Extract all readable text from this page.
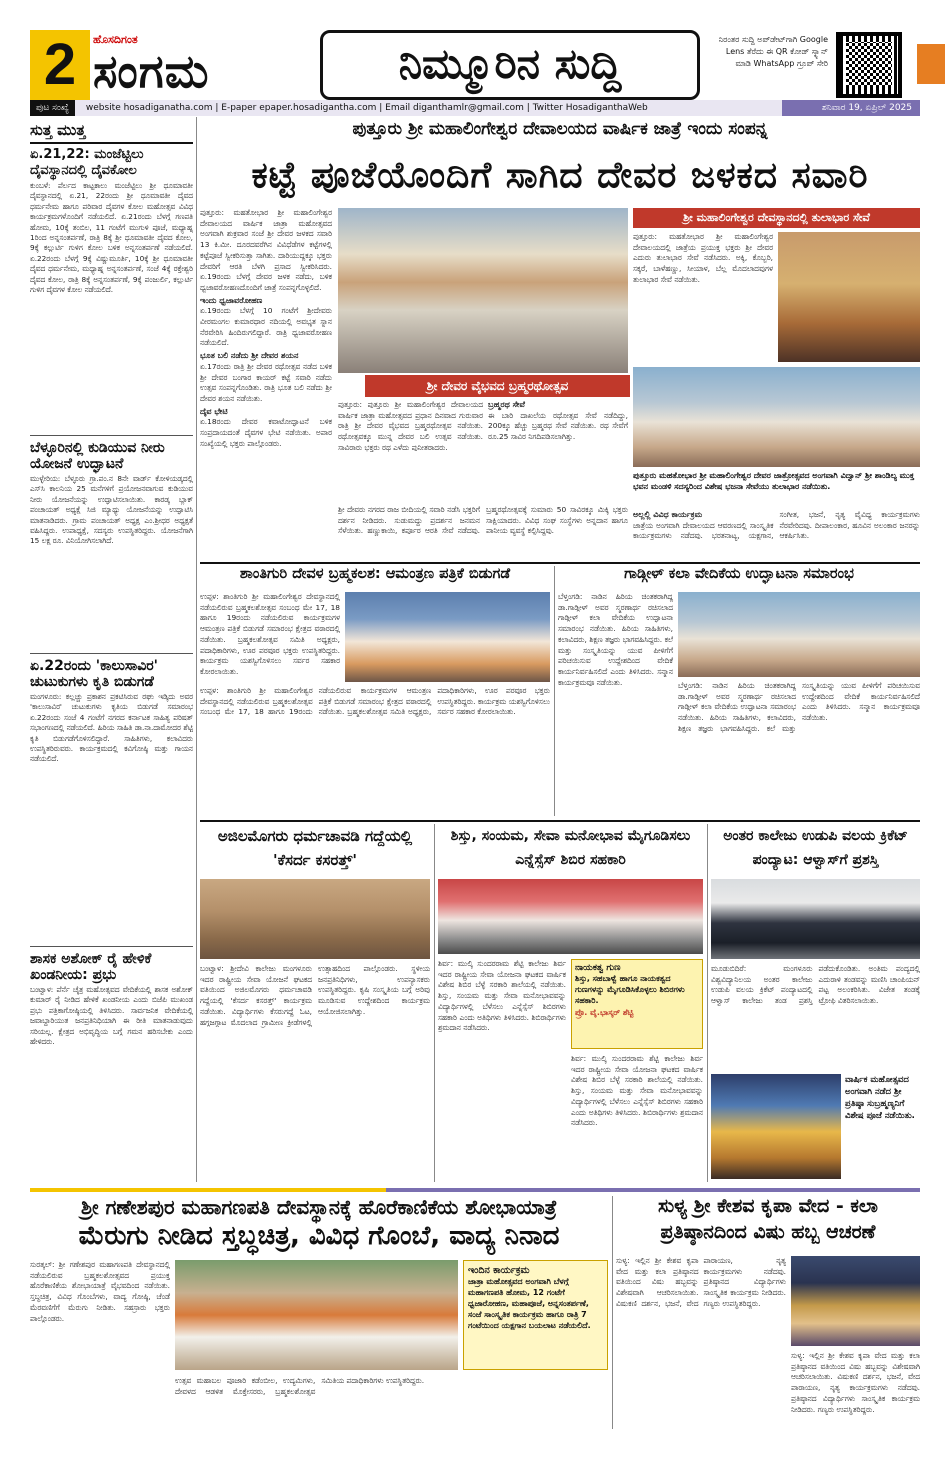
2	ಹೊಸದಿಗಂತ
ಸಂಗಮ	ನಿಮ್ಮೂರಿನ ಸುದ್ದಿ	ನಿರಂತರ ಸುದ್ದಿ ಅಪ್‌ಡೇಟ್‌ಗಾಗಿ Google Lens ತೆರೆದು ಈ QR ಕೋಡ್ ಸ್ಕ್ಯಾನ್ ಮಾಡಿ WhatsApp ಗ್ರೂಪ್ ಸೇರಿ
ಪುಟ ಸಂಖ್ಯೆ website hosadiganatha.com | E-paper epaper.hosadigantha.com | Email diganthamlr@gmail.com | Twitter HosadiganthaWeb	ಶನಿವಾರ 19, ಏಪ್ರಿಲ್ 2025
ಸುತ್ತ ಮುತ್ತ
ಏ.21,22: ಮಂಜೆಟ್ಟಿಲು ದೈವಸ್ಥಾನದಲ್ಲಿ ದೈವಕೋಲ
ಕುಂಬಳೆ: ಪೆರ್ಲದ ಕಾಟ್ಟಕಾಲು ಮಂಜೆಟ್ಟಿಲು ಶ್ರೀ ಧೂಮಾವತೀ ದೈವಸ್ಥಾನದಲ್ಲಿ ಏ.21, 22ರಂದು ಶ್ರೀ ಧೂಮಾವತೀ ದೈವದ ಧರ್ಮನೇಮ ಹಾಗೂ ಪರಿವಾರ ದೈವಗಳ ಕೋಲ ಮಹೋತ್ಸವ ವಿವಿಧ ಕಾರ್ಯಕ್ರಮಗಳೊಂದಿಗೆ ನಡೆಯಲಿದೆ. ಏ.21ರಂದು ಬೆಳಗ್ಗೆ ಗಣಪತಿ ಹೋಮ, 10ಕ್ಕೆ ತಂಬಿಲ, 11 ಗಂಟೆಗೆ ಮುಗುಳಿ ಪೂಜೆ, ಮಧ್ಯಾಹ್ನ 1ರಿಂದ ಅನ್ನಸಂತರ್ಪಣೆ, ರಾತ್ರಿ 8ಕ್ಕೆ ಶ್ರೀ ಧೂಮಾವತೀ ದೈವದ ಕೋಲ, 9ಕ್ಕೆ ಕಲ್ಲುರ್ಟಿ ಗುಳಿಗ ಕೋಲ ಬಳಿಕ ಅನ್ನಸಂತರ್ಪಣೆ ನಡೆಯಲಿದೆ. ಏ.22ರಂದು ಬೆಳಗ್ಗೆ 9ಕ್ಕೆ ವಿಷ್ಣುಮೂರ್ತಿ, 10ಕ್ಕೆ ಶ್ರೀ ಧೂಮಾವತೀ ದೈವದ ಧರ್ಮನೇಮ, ಮಧ್ಯಾಹ್ನ ಅನ್ನಸಂತರ್ಪಣೆ, ಸಂಜೆ 4ಕ್ಕೆ ರಕ್ತೇಶ್ವರಿ ದೈವದ ಕೋಲ, ರಾತ್ರಿ 8ಕ್ಕೆ ಅನ್ನಸಂತರ್ಪಣೆ, 9ಕ್ಕೆ ಪಂಜುರ್ಲಿ, ಕಲ್ಲುರ್ಟಿ ಗುಳಿಗ ದೈವಗಳ ಕೋಲ ನಡೆಯಲಿದೆ.
ಬೆಳ್ಳೂರಿನಲ್ಲಿ ಕುಡಿಯುವ ನೀರು ಯೋಜನೆ ಉದ್ಘಾಟನೆ
ಮುಳ್ಳೇರಿಯ: ಬೆಳ್ಳೂರು ಗ್ರಾ.ಪಂ.ನ 8ನೇ ವಾರ್ಡ್ ಕೋಳಿಯಡ್ಕದಲ್ಲಿ ಎಸ್‌ಸಿ ಕಾಲನಿಯ 25 ಮನೆಗಳಿಗೆ ಪ್ರಯೋಜನವಾಗುವ ಕುಡಿಯುವ ನೀರು ಯೋಜನೆಯನ್ನು ಉದ್ಘಾಟಿಸಲಾಯಿತು. ಕಾರಡ್ಕ ಬ್ಲಾಕ್ ಪಂಚಾಯತ್ ಅಧ್ಯಕ್ಷೆ ಸಿಜಿ ಮ್ಯಾಥ್ಯು ಯೋಜನೆಯನ್ನು ಉದ್ಘಾಟಿಸಿ ಮಾತನಾಡಿದರು. ಗ್ರಾಮ ಪಂಚಾಯತ್ ಅಧ್ಯಕ್ಷ ಎಂ.ಶ್ರೀಧರ ಅಧ್ಯಕ್ಷತೆ ವಹಿಸಿದ್ದರು. ಉಪಾಧ್ಯಕ್ಷೆ, ಸದಸ್ಯರು ಉಪಸ್ಥಿತರಿದ್ದರು. ಯೋಜನೆಗಾಗಿ 15 ಲಕ್ಷ ರೂ. ವಿನಿಯೋಗಿಸಲಾಗಿದೆ.
ಏ.22ರಂದು 'ಕಾಲುಸಾವಿರ' ಚುಟುಕುಗಳು ಕೃತಿ ಬಿಡುಗಡೆ
ಮಂಗಳೂರು: ಕಲ್ಲಚ್ಚು ಪ್ರಕಾಶನ ಪ್ರಕಟಿಸಿರುವ ರಘು ಇಡ್ಕಿದು ಅವರ 'ಕಾಲುಸಾವಿರ' ಚುಟುಕುಗಳು ಕೃತಿಯ ಬಿಡುಗಡೆ ಸಮಾರಂಭ ಏ.22ರಂದು ಸಂಜೆ 4 ಗಂಟೆಗೆ ನಗರದ ಕರ್ನಾಟಕ ಸಾಹಿತ್ಯ ಪರಿಷತ್ ಸಭಾಂಗಣದಲ್ಲಿ ನಡೆಯಲಿದೆ. ಹಿರಿಯ ಸಾಹಿತಿ ಡಾ.ನಾ.ದಾಮೋದರ ಶೆಟ್ಟಿ ಕೃತಿ ಬಿಡುಗಡೆಗೊಳಿಸಲಿದ್ದಾರೆ. ಸಾಹಿತಿಗಳು, ಕಲಾವಿದರು ಉಪಸ್ಥಿತರಿರುವರು. ಕಾರ್ಯಕ್ರಮದಲ್ಲಿ ಕವಿಗೋಷ್ಠಿ ಮತ್ತು ಗಾಯನ ನಡೆಯಲಿದೆ.
ಶಾಸಕ ಅಶೋಕ್ ರೈ ಹೇಳಿಕೆ ಖಂಡನೀಯ: ಪ್ರಭು
ಬಂಟ್ವಾಳ: ಪೆರ್ನೆ ಚೈತ್ರ ಮಹೋತ್ಸವದ ವೇದಿಕೆಯಲ್ಲಿ ಶಾಸಕ ಅಶೋಕ್ ಕುಮಾರ್ ರೈ ನೀಡಿದ ಹೇಳಿಕೆ ಖಂಡನೀಯ ಎಂದು ಬಿಜೆಪಿ ಮುಖಂಡ ಪ್ರಭು ಪತ್ರಿಕಾಗೋಷ್ಠಿಯಲ್ಲಿ ತಿಳಿಸಿದರು. ಸಾರ್ವಜನಿಕ ವೇದಿಕೆಯಲ್ಲಿ ಜವಾಬ್ದಾರಿಯುತ ಜನಪ್ರತಿನಿಧಿಯಾಗಿ ಈ ರೀತಿ ಮಾತನಾಡುವುದು ಸರಿಯಲ್ಲ. ಕ್ಷೇತ್ರದ ಅಭಿವೃದ್ಧಿಯ ಬಗ್ಗೆ ಗಮನ ಹರಿಸಬೇಕು ಎಂದು ಹೇಳಿದರು.
ಪುತ್ತೂರು ಶ್ರೀ ಮಹಾಲಿಂಗೇಶ್ವರ ದೇವಾಲಯದ ವಾರ್ಷಿಕ ಜಾತ್ರೆ ಇಂದು ಸಂಪನ್ನ
ಕಟ್ಟೆ ಪೂಜೆಯೊಂದಿಗೆ ಸಾಗಿದ ದೇವರ ಜಳಕದ ಸವಾರಿ
ಪುತ್ತೂರು: ಮಹತೋಭಾರ ಶ್ರೀ ಮಹಾಲಿಂಗೇಶ್ವರ ದೇವಾಲಯದ ವಾರ್ಷಿಕ ಜಾತ್ರಾ ಮಹೋತ್ಸವದ ಅಂಗವಾಗಿ ಶುಕ್ರವಾರ ಸಂಜೆ ಶ್ರೀ ದೇವರ ಜಳಕದ ಸವಾರಿ 13 ಕಿ.ಮೀ. ದೂರದವರೆಗಿನ ವಿವಿಧೆಡೆಗಳ ಕಟ್ಟೆಗಳಲ್ಲಿ ಕಟ್ಟೆಪೂಜೆ ಸ್ವೀಕರಿಸುತ್ತಾ ಸಾಗಿತು. ದಾರಿಯುದ್ದಕ್ಕೂ ಭಕ್ತರು ದೇವರಿಗೆ ಆರತಿ ಬೆಳಗಿ ಪ್ರಸಾದ ಸ್ವೀಕರಿಸಿದರು. ಏ.19ರಂದು ಬೆಳಗ್ಗೆ ದೇವರ ಜಳಕ ನಡೆದು, ಬಳಿಕ ಧ್ವಜಾವರೋಹಣದೊಂದಿಗೆ ಜಾತ್ರೆ ಸಂಪನ್ನಗೊಳ್ಳಲಿದೆ.
ಇಂದು ಧ್ವಜಾವರೋಹಣ
ಏ.19ರಂದು ಬೆಳಗ್ಗೆ 10 ಗಂಟೆಗೆ ಶ್ರೀದೇವರು ವೀರಮಂಗಲ ಕುಮಾರಧಾರ ನದಿಯಲ್ಲಿ ಅವಭೃತ ಸ್ನಾನ ನೆರವೇರಿಸಿ ಹಿಂದಿರುಗಲಿದ್ದಾರೆ. ರಾತ್ರಿ ಧ್ವಜಾವರೋಹಣ ನಡೆಯಲಿದೆ.
ಭೂತ ಬಲಿ ನಡೆದು ಶ್ರೀ ದೇವರ ಶಯನ
ಏ.17ರಂದು ರಾತ್ರಿ ಶ್ರೀ ದೇವರ ರಥೋತ್ಸವ ನಡೆದ ಬಳಿಕ ಶ್ರೀ ದೇವರ ಬಂಗಾರ ಕಾಯರ್ ಕಟ್ಟೆ ಸವಾರಿ ನಡೆದು ಉತ್ಸವ ಸಂಪನ್ನಗೊಂಡಿತು. ರಾತ್ರಿ ಭೂತ ಬಲಿ ನಡೆದು ಶ್ರೀ ದೇವರ ಶಯನ ನಡೆಯಿತು.
ದೈವ ಭೇಟಿ
ಏ.18ರಂದು ದೇವರ ಕವಾಟೋದ್ಘಾಟನೆ ಬಳಿಕ ಸಂಪ್ರದಾಯದಂತೆ ದೈವಗಳ ಭೇಟಿ ನಡೆಯಿತು. ಅಪಾರ ಸಂಖ್ಯೆಯಲ್ಲಿ ಭಕ್ತರು ಪಾಲ್ಗೊಂಡರು.
ಶ್ರೀ ದೇವರ ವೈಭವದ ಬ್ರಹ್ಮರಥೋತ್ಸವ
ಪುತ್ತೂರು: ಪುತ್ತೂರು ಶ್ರೀ ಮಹಾಲಿಂಗೇಶ್ವರ ದೇವಾಲಯದ ವಾರ್ಷಿಕ ಜಾತ್ರಾ ಮಹೋತ್ಸವದ ಪ್ರಧಾನ ದಿನವಾದ ಗುರುವಾರ ರಾತ್ರಿ ಶ್ರೀ ದೇವರ ವೈಭವದ ಬ್ರಹ್ಮರಥೋತ್ಸವ ನಡೆಯಿತು. ರಥೋತ್ಸವಕ್ಕೂ ಮುನ್ನ ದೇವರ ಬಲಿ ಉತ್ಸವ ನಡೆಯಿತು. ಸಾವಿರಾರು ಭಕ್ತರು ರಥ ಎಳೆದು ಪುನೀತರಾದರು.
ಬ್ರಹ್ಮರಥ ಸೇವೆ
ಈ ಬಾರಿ ದಾಖಲೆಯ ರಥೋತ್ಸವ ಸೇವೆ ನಡೆದಿದ್ದು, 200ಕ್ಕೂ ಹೆಚ್ಚು ಬ್ರಹ್ಮರಥ ಸೇವೆ ನಡೆಯಿತು. ರಥ ಸೇವೆಗೆ ರೂ.25 ಸಾವಿರ ನಿಗದಿಪಡಿಸಲಾಗಿತ್ತು.
ಶ್ರೀ ದೇವರು ನಗರದ ರಾಜ ಬೀದಿಯಲ್ಲಿ ಸವಾರಿ ನಡೆಸಿ ಭಕ್ತರಿಗೆ ದರ್ಶನ ನೀಡಿದರು. ಸುಡುಮದ್ದು ಪ್ರದರ್ಶನ ಜನಮನ ಸೆಳೆಯಿತು. ಹಣ್ಣುಕಾಯಿ, ಕರ್ಪೂರ ಆರತಿ ಸೇವೆ ನಡೆದವು. ಬ್ರಹ್ಮರಥೋತ್ಸವಕ್ಕೆ ಸುಮಾರು 50 ಸಾವಿರಕ್ಕೂ ಮಿಕ್ಕಿ ಭಕ್ತರು ಸಾಕ್ಷಿಯಾದರು. ವಿವಿಧ ಸಂಘ ಸಂಸ್ಥೆಗಳು ಅನ್ನದಾನ ಹಾಗೂ ಪಾನೀಯ ವ್ಯವಸ್ಥೆ ಕಲ್ಪಿಸಿದ್ದವು.
ಶ್ರೀ ಮಹಾಲಿಂಗೇಶ್ವರ ದೇವಸ್ಥಾನದಲ್ಲಿ ತುಲಾಭಾರ ಸೇವೆ
ಪುತ್ತೂರು: ಮಹತೋಭಾರ ಶ್ರೀ ಮಹಾಲಿಂಗೇಶ್ವರ ದೇವಾಲಯದಲ್ಲಿ ಜಾತ್ರೆಯ ಪ್ರಯುಕ್ತ ಭಕ್ತರು ಶ್ರೀ ದೇವರ ಎದುರು ತುಲಾಭಾರ ಸೇವೆ ನಡೆಸಿದರು. ಅಕ್ಕಿ, ಕೊಬ್ಬರಿ, ಸಕ್ಕರೆ, ಬಾಳೆಹಣ್ಣು, ಸೀಯಾಳ, ಬೆಲ್ಲ ಮೊದಲಾದವುಗಳ ತುಲಾಭಾರ ಸೇವೆ ನಡೆಯಿತು.
ಪುತ್ತೂರು ಮಹತೋಭಾರ ಶ್ರೀ ಮಹಾಲಿಂಗೇಶ್ವರ ದೇವರ ಜಾತ್ರೋತ್ಸವದ ಅಂಗವಾಗಿ ವಿದ್ವಾನ್ ಶ್ರೀ ಶಾಂಡಿಲ್ಯ ಮುಕ್ತ ಭವನ ಮಂಡಳಿ ಸದಸ್ಯರಿಂದ ವಿಶೇಷ ಭಜನಾ ಸೇವೆಯು ತುಲಾಭಾರ ನಡೆಯಿತು.
ಅಲ್ಲಲ್ಲಿ ವಿವಿಧ ಕಾರ್ಯಕ್ರಮ
ಜಾತ್ರೆಯ ಅಂಗವಾಗಿ ದೇವಾಲಯದ ಆವರಣದಲ್ಲಿ ಸಾಂಸ್ಕೃತಿಕ ಕಾರ್ಯಕ್ರಮಗಳು ನಡೆದವು. ಭರತನಾಟ್ಯ, ಯಕ್ಷಗಾನ, ಸಂಗೀತ, ಭಜನೆ, ನೃತ್ಯ ವೈವಿಧ್ಯ ಕಾರ್ಯಕ್ರಮಗಳು ನೆರವೇರಿದವು. ದೀಪಾಲಂಕಾರ, ಹೂವಿನ ಅಲಂಕಾರ ಜನರನ್ನು ಆಕರ್ಷಿಸಿತು.
ಶಾಂತಿಗುರಿ ದೇವಳ ಬ್ರಹ್ಮಕಲಶ: ಆಮಂತ್ರಣ ಪತ್ರಿಕೆ ಬಿಡುಗಡೆ
ಉಪ್ಪಳ: ಶಾಂತಿಗುರಿ ಶ್ರೀ ಮಹಾಲಿಂಗೇಶ್ವರ ದೇವಸ್ಥಾನದಲ್ಲಿ ನಡೆಯಲಿರುವ ಬ್ರಹ್ಮಕಲಶೋತ್ಸವ ಸಂಬಂಧ ಮೇ 17, 18 ಹಾಗೂ 19ರಂದು ನಡೆಯಲಿರುವ ಕಾರ್ಯಕ್ರಮಗಳ ಆಮಂತ್ರಣ ಪತ್ರಿಕೆ ಬಿಡುಗಡೆ ಸಮಾರಂಭ ಕ್ಷೇತ್ರದ ವಠಾರದಲ್ಲಿ ನಡೆಯಿತು. ಬ್ರಹ್ಮಕಲಶೋತ್ಸವ ಸಮಿತಿ ಅಧ್ಯಕ್ಷರು, ಪದಾಧಿಕಾರಿಗಳು, ಊರ ಪರವೂರ ಭಕ್ತರು ಉಪಸ್ಥಿತರಿದ್ದರು. ಕಾರ್ಯಕ್ರಮ ಯಶಸ್ವಿಗೊಳಿಸಲು ಸರ್ವರ ಸಹಕಾರ ಕೋರಲಾಯಿತು.
ಉಪ್ಪಳ: ಶಾಂತಿಗುರಿ ಶ್ರೀ ಮಹಾಲಿಂಗೇಶ್ವರ ದೇವಸ್ಥಾನದಲ್ಲಿ ನಡೆಯಲಿರುವ ಬ್ರಹ್ಮಕಲಶೋತ್ಸವ ಸಂಬಂಧ ಮೇ 17, 18 ಹಾಗೂ 19ರಂದು ನಡೆಯಲಿರುವ ಕಾರ್ಯಕ್ರಮಗಳ ಆಮಂತ್ರಣ ಪತ್ರಿಕೆ ಬಿಡುಗಡೆ ಸಮಾರಂಭ ಕ್ಷೇತ್ರದ ವಠಾರದಲ್ಲಿ ನಡೆಯಿತು. ಬ್ರಹ್ಮಕಲಶೋತ್ಸವ ಸಮಿತಿ ಅಧ್ಯಕ್ಷರು, ಪದಾಧಿಕಾರಿಗಳು, ಊರ ಪರವೂರ ಭಕ್ತರು ಉಪಸ್ಥಿತರಿದ್ದರು. ಕಾರ್ಯಕ್ರಮ ಯಶಸ್ವಿಗೊಳಿಸಲು ಸರ್ವರ ಸಹಕಾರ ಕೋರಲಾಯಿತು.
ಗಾಡ್ಗೀಳ್ ಕಲಾ ವೇದಿಕೆಯ ಉದ್ಘಾಟನಾ ಸಮಾರಂಭ
ಬೆಳ್ತಂಗಡಿ: ನಾಡಿನ ಹಿರಿಯ ಚಿಂತಕರಾಗಿದ್ದ ಡಾ.ಗಾಡ್ಗೀಳ್ ಅವರ ಸ್ಮರಣಾರ್ಥ ರಚಿಸಲಾದ ಗಾಡ್ಗೀಳ್ ಕಲಾ ವೇದಿಕೆಯ ಉದ್ಘಾಟನಾ ಸಮಾರಂಭ ನಡೆಯಿತು. ಹಿರಿಯ ಸಾಹಿತಿಗಳು, ಕಲಾವಿದರು, ಶಿಕ್ಷಣ ತಜ್ಞರು ಭಾಗವಹಿಸಿದ್ದರು. ಕಲೆ ಮತ್ತು ಸಂಸ್ಕೃತಿಯನ್ನು ಯುವ ಪೀಳಿಗೆಗೆ ಪರಿಚಯಿಸುವ ಉದ್ದೇಶದಿಂದ ವೇದಿಕೆ ಕಾರ್ಯನಿರ್ವಹಿಸಲಿದೆ ಎಂದು ತಿಳಿಸಿದರು. ಸನ್ಮಾನ ಕಾರ್ಯಕ್ರಮವೂ ನಡೆಯಿತು.	ಬೆಳ್ತಂಗಡಿ: ನಾಡಿನ ಹಿರಿಯ ಚಿಂತಕರಾಗಿದ್ದ ಡಾ.ಗಾಡ್ಗೀಳ್ ಅವರ ಸ್ಮರಣಾರ್ಥ ರಚಿಸಲಾದ ಗಾಡ್ಗೀಳ್ ಕಲಾ ವೇದಿಕೆಯ ಉದ್ಘಾಟನಾ ಸಮಾರಂಭ ನಡೆಯಿತು. ಹಿರಿಯ ಸಾಹಿತಿಗಳು, ಕಲಾವಿದರು, ಶಿಕ್ಷಣ ತಜ್ಞರು ಭಾಗವಹಿಸಿದ್ದರು. ಕಲೆ ಮತ್ತು ಸಂಸ್ಕೃತಿಯನ್ನು ಯುವ ಪೀಳಿಗೆಗೆ ಪರಿಚಯಿಸುವ ಉದ್ದೇಶದಿಂದ ವೇದಿಕೆ ಕಾರ್ಯನಿರ್ವಹಿಸಲಿದೆ ಎಂದು ತಿಳಿಸಿದರು. ಸನ್ಮಾನ ಕಾರ್ಯಕ್ರಮವೂ ನಡೆಯಿತು.
ಅಜಿಲಮೊಗರು ಧರ್ಮಚಾವಡಿ ಗದ್ದೆಯಲ್ಲಿ 'ಕೆಸರ್ದ ಕಸರತ್ತ್'
ಬಂಟ್ವಾಳ: ಶ್ರೀದೇವಿ ಕಾಲೇಜು ಮಂಗಳೂರು ಇದರ ರಾಷ್ಟ್ರೀಯ ಸೇವಾ ಯೋಜನೆ ಘಟಕದ ವತಿಯಿಂದ ಅಜಿಲಮೊಗರು ಧರ್ಮಚಾವಡಿ ಗದ್ದೆಯಲ್ಲಿ 'ಕೆಸರ್ದ ಕಸರತ್ತ್' ಕಾರ್ಯಕ್ರಮ ನಡೆಯಿತು. ವಿದ್ಯಾರ್ಥಿಗಳು ಕೆಸರುಗದ್ದೆ ಓಟ, ಹಗ್ಗಜಗ್ಗಾಟ ಮೊದಲಾದ ಗ್ರಾಮೀಣ ಕ್ರೀಡೆಗಳಲ್ಲಿ ಉತ್ಸಾಹದಿಂದ ಪಾಲ್ಗೊಂಡರು. ಸ್ಥಳೀಯ ಜನಪ್ರತಿನಿಧಿಗಳು, ಉಪನ್ಯಾಸಕರು ಉಪಸ್ಥಿತರಿದ್ದರು. ಕೃಷಿ ಸಂಸ್ಕೃತಿಯ ಬಗ್ಗೆ ಅರಿವು ಮೂಡಿಸುವ ಉದ್ದೇಶದಿಂದ ಕಾರ್ಯಕ್ರಮ ಆಯೋಜಿಸಲಾಗಿತ್ತು.
ಶಿಸ್ತು, ಸಂಯಮ, ಸೇವಾ ಮನೋಭಾವ ಮೈಗೂಡಿಸಲು ಎನ್ನೆಸ್ಸೆಸ್ ಶಿಬಿರ ಸಹಕಾರಿ
ಶಿರ್ವ: ಮುಲ್ಕಿ ಸುಂದರರಾಮ ಶೆಟ್ಟಿ ಕಾಲೇಜು ಶಿರ್ವ ಇದರ ರಾಷ್ಟ್ರೀಯ ಸೇವಾ ಯೋಜನಾ ಘಟಕದ ವಾರ್ಷಿಕ ವಿಶೇಷ ಶಿಬಿರ ಬೆಳ್ಳೆ ಸರಕಾರಿ ಶಾಲೆಯಲ್ಲಿ ನಡೆಯಿತು. ಶಿಸ್ತು, ಸಂಯಮ ಮತ್ತು ಸೇವಾ ಮನೋಭಾವವನ್ನು ವಿದ್ಯಾರ್ಥಿಗಳಲ್ಲಿ ಬೆಳೆಸಲು ಎನ್ನೆಸ್ಸೆಸ್ ಶಿಬಿರಗಳು ಸಹಕಾರಿ ಎಂದು ಅತಿಥಿಗಳು ತಿಳಿಸಿದರು. ಶಿಬಿರಾರ್ಥಿಗಳು ಶ್ರಮದಾನ ನಡೆಸಿದರು.
ನಾಯಕತ್ವ ಗುಣ
ಶಿಸ್ತು, ಸಹಬಾಳ್ವೆ ಹಾಗೂ ನಾಯಕತ್ವದ ಗುಣಗಳನ್ನು ಮೈಗೂಡಿಸಿಕೊಳ್ಳಲು ಶಿಬಿರಗಳು ಸಹಕಾರಿ.
ಪ್ರೊ. ವೈ.ಭಾಸ್ಕರ್ ಶೆಟ್ಟಿ
ಶಿರ್ವ: ಮುಲ್ಕಿ ಸುಂದರರಾಮ ಶೆಟ್ಟಿ ಕಾಲೇಜು ಶಿರ್ವ ಇದರ ರಾಷ್ಟ್ರೀಯ ಸೇವಾ ಯೋಜನಾ ಘಟಕದ ವಾರ್ಷಿಕ ವಿಶೇಷ ಶಿಬಿರ ಬೆಳ್ಳೆ ಸರಕಾರಿ ಶಾಲೆಯಲ್ಲಿ ನಡೆಯಿತು. ಶಿಸ್ತು, ಸಂಯಮ ಮತ್ತು ಸೇವಾ ಮನೋಭಾವವನ್ನು ವಿದ್ಯಾರ್ಥಿಗಳಲ್ಲಿ ಬೆಳೆಸಲು ಎನ್ನೆಸ್ಸೆಸ್ ಶಿಬಿರಗಳು ಸಹಕಾರಿ ಎಂದು ಅತಿಥಿಗಳು ತಿಳಿಸಿದರು. ಶಿಬಿರಾರ್ಥಿಗಳು ಶ್ರಮದಾನ ನಡೆಸಿದರು.
ಅಂತರ ಕಾಲೇಜು ಉಡುಪಿ ವಲಯ ಕ್ರಿಕೆಟ್ ಪಂದ್ಯಾಟ: ಆಳ್ವಾಸ್‌ಗೆ ಪ್ರಶಸ್ತಿ
ಮೂಡುಬಿದಿರೆ: ಮಂಗಳೂರು ವಿಶ್ವವಿದ್ಯಾನಿಲಯ ಅಂತರ ಕಾಲೇಜು ಉಡುಪಿ ವಲಯ ಕ್ರಿಕೆಟ್ ಪಂದ್ಯಾಟದಲ್ಲಿ ಆಳ್ವಾಸ್ ಕಾಲೇಜು ತಂಡ ಪ್ರಶಸ್ತಿ ಪಡೆದುಕೊಂಡಿತು. ಅಂತಿಮ ಪಂದ್ಯದಲ್ಲಿ ಎದುರಾಳಿ ತಂಡವನ್ನು ಮಣಿಸಿ ಚಾಂಪಿಯನ್ ಪಟ್ಟ ಅಲಂಕರಿಸಿತು. ವಿಜೇತ ತಂಡಕ್ಕೆ ಟ್ರೋಫಿ ವಿತರಿಸಲಾಯಿತು.
ವಾರ್ಷಿಕ ಮಹೋತ್ಸವದ ಅಂಗವಾಗಿ ನಡೆದ ಶ್ರೀ ಪ್ರತಿಷ್ಠಾ ಸುಬ್ರಹ್ಮಣ್ಯನಿಗೆ ವಿಶೇಷ ಪೂಜೆ ನಡೆಯಿತು.
ಶ್ರೀ ಗಣೇಶಪುರ ಮಹಾಗಣಪತಿ ದೇವಸ್ಥಾನಕ್ಕೆ ಹೊರೆಕಾಣಿಕೆಯ ಶೋಭಾಯಾತ್ರೆ
ಮೆರುಗು ನೀಡಿದ ಸ್ತಬ್ಧಚಿತ್ರ, ವಿವಿಧ ಗೊಂಬೆ, ವಾದ್ಯ ನಿನಾದ
ಸುರತ್ಕಲ್: ಶ್ರೀ ಗಣೇಶಪುರ ಮಹಾಗಣಪತಿ ದೇವಸ್ಥಾನದಲ್ಲಿ ನಡೆಯಲಿರುವ ಬ್ರಹ್ಮಕಲಶೋತ್ಸವದ ಪ್ರಯುಕ್ತ ಹೊರೆಕಾಣಿಕೆಯ ಶೋಭಾಯಾತ್ರೆ ವೈಭವದಿಂದ ನಡೆಯಿತು. ಸ್ತಬ್ಧಚಿತ್ರ, ವಿವಿಧ ಗೊಂಬೆಗಳು, ವಾದ್ಯ ಗೋಷ್ಠಿ, ಚೆಂಡೆ ಮೆರವಣಿಗೆಗೆ ಮೆರುಗು ನೀಡಿತು. ಸಹಸ್ರಾರು ಭಕ್ತರು ಪಾಲ್ಗೊಂಡರು.
ಇಂದಿನ ಕಾರ್ಯಕ್ರಮ
ಜಾತ್ರಾ ಮಹೋತ್ಸವದ ಅಂಗವಾಗಿ ಬೆಳಗ್ಗೆ ಮಹಾಗಣಪತಿ ಹೋಮ, 12 ಗಂಟೆಗೆ ಧ್ವಜಾರೋಹಣ, ಮಹಾಪೂಜೆ, ಅನ್ನಸಂತರ್ಪಣೆ, ಸಂಜೆ ಸಾಂಸ್ಕೃತಿಕ ಕಾರ್ಯಕ್ರಮ ಹಾಗೂ ರಾತ್ರಿ 7 ಗಂಟೆಯಿಂದ ಯಕ್ಷಗಾನ ಬಯಲಾಟ ನಡೆಯಲಿದೆ.
ಉತ್ಸವ ಮಹಾಬಲ ಪೂಜಾರಿ ಕಡೆಂಬೀಲ, ಉದ್ಯಮಿಗಳು, ದೇವಳದ ಆಡಳಿತ ಮೊಕ್ತೇಸರರು, ಬ್ರಹ್ಮಕಲಶೋತ್ಸವ ಸಮಿತಿಯ ಪದಾಧಿಕಾರಿಗಳು ಉಪಸ್ಥಿತರಿದ್ದರು.
ಸುಳ್ಯ ಶ್ರೀ ಕೇಶವ ಕೃಪಾ ವೇದ - ಕಲಾ
ಪ್ರತಿಷ್ಠಾನದಿಂದ ವಿಷು ಹಬ್ಬ ಆಚರಣೆ
ಸುಳ್ಯ: ಇಲ್ಲಿನ ಶ್ರೀ ಕೇಶವ ಕೃಪಾ ವೇದ ಮತ್ತು ಕಲಾ ಪ್ರತಿಷ್ಠಾನದ ವತಿಯಿಂದ ವಿಷು ಹಬ್ಬವನ್ನು ವಿಶೇಷವಾಗಿ ಆಚರಿಸಲಾಯಿತು. ವಿಷುಕಣಿ ದರ್ಶನ, ಭಜನೆ, ವೇದ ಪಾರಾಯಣ, ನೃತ್ಯ ಕಾರ್ಯಕ್ರಮಗಳು ನಡೆದವು. ಪ್ರತಿಷ್ಠಾನದ ವಿದ್ಯಾರ್ಥಿಗಳು ಸಾಂಸ್ಕೃತಿಕ ಕಾರ್ಯಕ್ರಮ ನೀಡಿದರು. ಗಣ್ಯರು ಉಪಸ್ಥಿತರಿದ್ದರು.
ಸುಳ್ಯ: ಇಲ್ಲಿನ ಶ್ರೀ ಕೇಶವ ಕೃಪಾ ವೇದ ಮತ್ತು ಕಲಾ ಪ್ರತಿಷ್ಠಾನದ ವತಿಯಿಂದ ವಿಷು ಹಬ್ಬವನ್ನು ವಿಶೇಷವಾಗಿ ಆಚರಿಸಲಾಯಿತು. ವಿಷುಕಣಿ ದರ್ಶನ, ಭಜನೆ, ವೇದ ಪಾರಾಯಣ, ನೃತ್ಯ ಕಾರ್ಯಕ್ರಮಗಳು ನಡೆದವು. ಪ್ರತಿಷ್ಠಾನದ ವಿದ್ಯಾರ್ಥಿಗಳು ಸಾಂಸ್ಕೃತಿಕ ಕಾರ್ಯಕ್ರಮ ನೀಡಿದರು. ಗಣ್ಯರು ಉಪಸ್ಥಿತರಿದ್ದರು.
